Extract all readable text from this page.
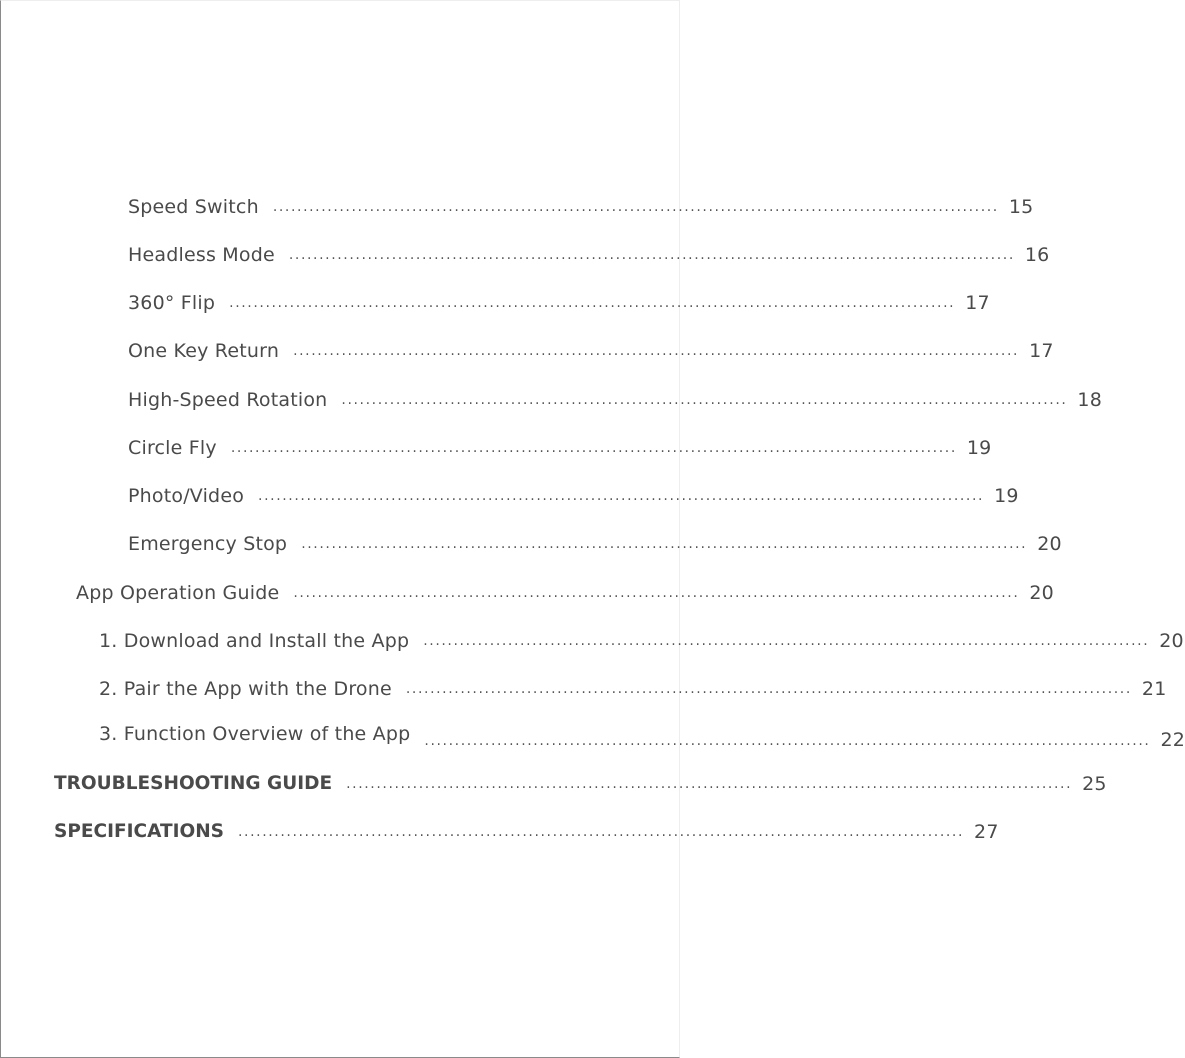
Speed Switch ........................................................................................................................ 15
Headless Mode ........................................................................................................................ 16
360° Flip ........................................................................................................................ 17
One Key Return ........................................................................................................................ 17
High-Speed Rotation ........................................................................................................................ 18
Circle Fly ........................................................................................................................ 19
Photo/Video ........................................................................................................................ 19
Emergency Stop ........................................................................................................................ 20
App Operation Guide ........................................................................................................................ 20
1. Download and Install the App ........................................................................................................................ 20
2. Pair the App with the Drone ........................................................................................................................ 21
3. Function Overview of the App ........................................................................................................................ 22
TROUBLESHOOTING GUIDE ........................................................................................................................ 25
SPECIFICATIONS ........................................................................................................................ 27
